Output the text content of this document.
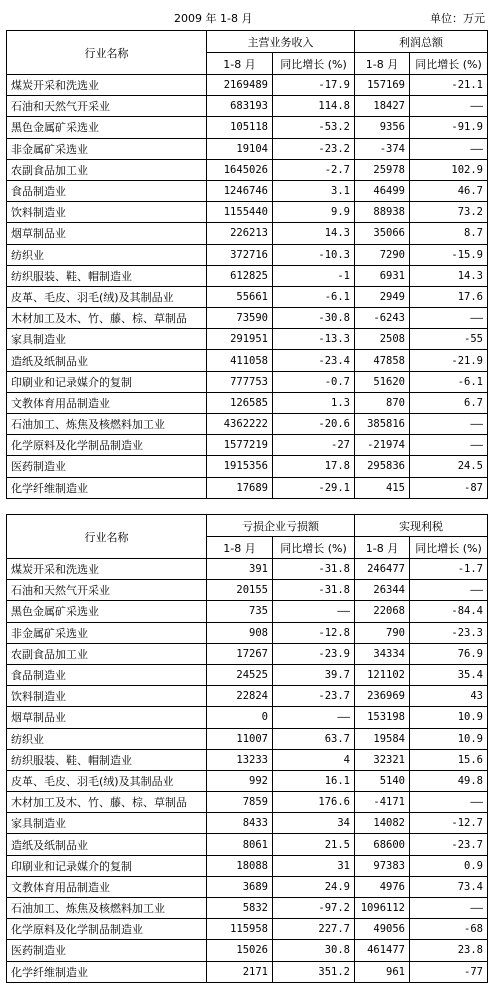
2009 年 1-8 月	单位：万元
行业名称	主营业务收入		利润总额	
	1-8 月	同比增长 (%)	1-8 月	同比增长 (%)
煤炭开采和洗选业	2169489	-17.9	157169	-21.1
石油和天然气开采业	683193	114.8	18427	——
黑色金属矿采选业	105118	-53.2	9356	-91.9
非金属矿采选业	19104	-23.2	-374	——
农副食品加工业	1645026	-2.7	25978	102.9
食品制造业	1246746	3.1	46499	46.7
饮料制造业	1155440	9.9	88938	73.2
烟草制品业	226213	14.3	35066	8.7
纺织业	372716	-10.3	7290	-15.9
纺织服装、鞋、帽制造业	612825	-1	6931	14.3
皮革、毛皮、羽毛(绒)及其制品业	55661	-6.1	2949	17.6
木材加工及木、竹、藤、棕、草制品	73590	-30.8	-6243	——
家具制造业	291951	-13.3	2508	-55
造纸及纸制品业	411058	-23.4	47858	-21.9
印刷业和记录媒介的复制	777753	-0.7	51620	-6.1
文教体育用品制造业	126585	1.3	870	6.7
石油加工、炼焦及核燃料加工业	4362222	-20.6	385816	——
化学原料及化学制品制造业	1577219	-27	-21974	——
医药制造业	1915356	17.8	295836	24.5
化学纤维制造业	17689	-29.1	415	-87
行业名称	亏损企业亏损额		实现利税	
	1-8 月	同比增长 (%)	1-8 月	同比增长 (%)
煤炭开采和洗选业	391	-31.8	246477	-1.7
石油和天然气开采业	20155	-31.8	26344	——
黑色金属矿采选业	735	——	22068	-84.4
非金属矿采选业	908	-12.8	790	-23.3
农副食品加工业	17267	-23.9	34334	76.9
食品制造业	24525	39.7	121102	35.4
饮料制造业	22824	-23.7	236969	43
烟草制品业	0	——	153198	10.9
纺织业	11007	63.7	19584	10.9
纺织服装、鞋、帽制造业	13233	4	32321	15.6
皮革、毛皮、羽毛(绒)及其制品业	992	16.1	5140	49.8
木材加工及木、竹、藤、棕、草制品	7859	176.6	-4171	——
家具制造业	8433	34	14082	-12.7
造纸及纸制品业	8061	21.5	68600	-23.7
印刷业和记录媒介的复制	18088	31	97383	0.9
文教体育用品制造业	3689	24.9	4976	73.4
石油加工、炼焦及核燃料加工业	5832	-97.2	1096112	——
化学原料及化学制品制造业	115958	227.7	49056	-68
医药制造业	15026	30.8	461477	23.8
化学纤维制造业	2171	351.2	961	-77
